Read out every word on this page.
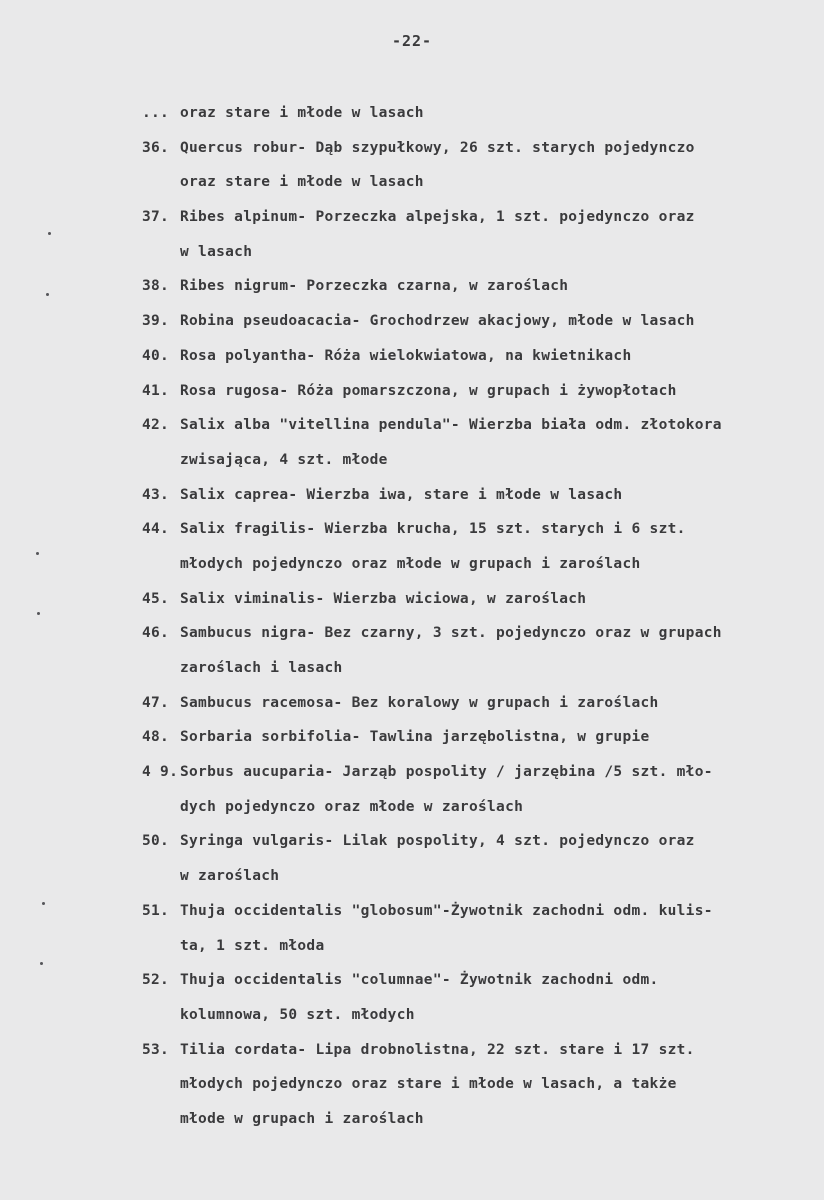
-22-
... oraz stare i młode w lasach
36. Quercus robur- Dąb szypułkowy, 26 szt. starych pojedynczo
oraz stare i młode w lasach
37. Ribes alpinum- Porzeczka alpejska, 1 szt. pojedynczo oraz
w lasach
38. Ribes nigrum- Porzeczka czarna, w zaroślach
39. Robina pseudoacacia- Grochodrzew akacjowy, młode w lasach
40. Rosa polyantha- Róża wielokwiatowa, na kwietnikach
41. Rosa rugosa- Róża pomarszczona, w grupach i żywopłotach
42. Salix alba "vitellina pendula"- Wierzba biała odm. złotokora
zwisająca, 4 szt. młode
43. Salix caprea- Wierzba iwa, stare i młode w lasach
44. Salix fragilis- Wierzba krucha, 15 szt. starych i 6 szt.
młodych pojedynczo oraz młode w grupach i zaroślach
45. Salix viminalis- Wierzba wiciowa, w zaroślach
46. Sambucus nigra- Bez czarny, 3 szt. pojedynczo oraz w grupach
zaroślach i lasach
47. Sambucus racemosa- Bez koralowy w grupach i zaroślach
48. Sorbaria sorbifolia- Tawlina jarzębolistna, w grupie
4 9. Sorbus aucuparia- Jarząb pospolity / jarzębina /5 szt. mło-
dych pojedynczo oraz młode w zaroślach
50. Syringa vulgaris- Lilak pospolity, 4 szt. pojedynczo oraz
w zaroślach
51. Thuja occidentalis "globosum"-Żywotnik zachodni odm. kulis-
ta, 1 szt. młoda
52. Thuja occidentalis "columnae"- Żywotnik zachodni odm.
kolumnowa, 50 szt. młodych
53. Tilia cordata- Lipa drobnolistna, 22 szt. stare i 17 szt.
młodych pojedynczo oraz stare i młode w lasach, a także
młode w grupach i zaroślach
